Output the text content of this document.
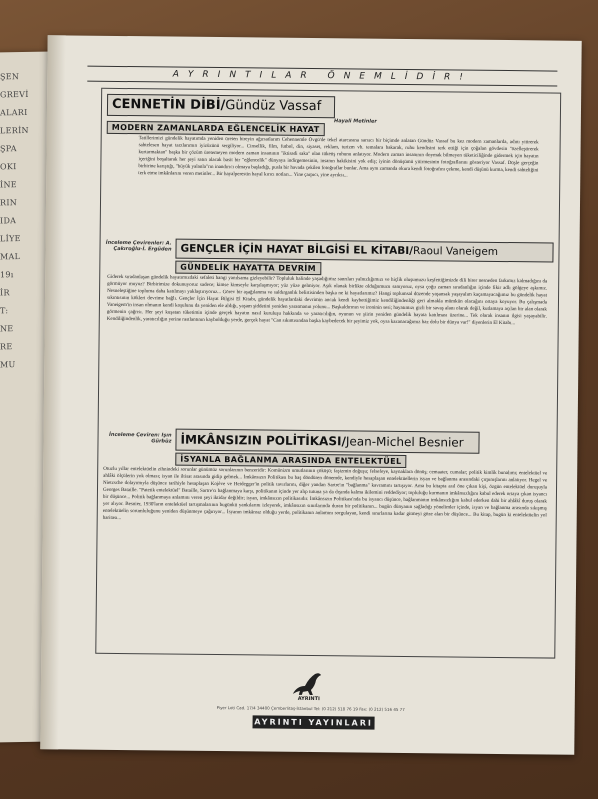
ŞEN
GREVİ
ALARI
LERİN
ŞPA
OKI
İNE
RIN
IDA
LİYE
MAL
19ı
İR
T:
NE
RE
MU
AYRINTILAR ÖNEMLİDİR!
CENNETİN DİBİ/Gündüz Vassaf
Hayali Metinler
MODERN ZAMANLARDA EĞLENCELİK HAYAT
Tatillerimizi gündelik hayatımda yeniden üreten bireyin ağırsatlarım Cehennemle Övgü'de tekel atarcasına sarsıcı bir biçimde anlatan Gündüz Vassaf bu kez modern zamanlarda, adını yitirerek sahtelesen hayat tarzlarımın iyizüzünü sergiliyor... Cinsellik, film, futbol, din, siyaset, reklam, turizm vb. temalara bakarak, ruhu kendisini terk ettiği için çoğalan gövdesin "özelleştirerek kurtarmaktan" başka bir çözüm üretemeyen modern zaman insanının "iktisadi saka" olan tüketiş ruhunu anlatıyor. Modern zaman insanının doymak bilmeyen tüketiciliğinde gidermek için hayatın içeriğini boşaltarak her şeyi satın alacak basit bir "eğlencelik" dünyaya indirgemesinin, insanın hakikisini yok ediş; iyinin dönüşümü yitirmesinin fotoğraflarını gösteriyor Vassaf. Düşle gerçeğin birbirine karıştığı, "büyük yalanla"rın inandırıcı olmaya başladığı, pusla bir havada çekilen fotoğraflar bunlar. Ama aynı zamanda okura kendi fotoğrafını çekme, kendi düşünü kurma, kendi sahteliğini terk etme imkânlarını veren metinler... Bir hayalperestin hayal kırıcı notları... Yine çarpıcı, yine ayrıksı...
İnceleme Çevirenler: A. Çakıroğlu-İ. Ergüden GENÇLER İÇİN HAYAT BİLGİSİ EL KİTABI/Raoul Vaneigem
GÜNDELİK HAYATTA DEVRİM
Giderek sıradanlaşan gündelik hayatımızdaki sefaleti hangi yanılsama gizleyebilir? Topluluk halinde yaşadığımız sanrıları yalnızlığımızı ve hiçlik oluşumuzu keşfettiğimizde dili birer nesneden farkımız kalmadığını da görmüyor muyuz? Birbirimize dokunuyoruz sadece; kimse kimseyle karşılaşmıyor; yüz yüze gelmiyor. Aşık olanak birlikte olduğumuzu sanıyoruz, oysa çoğu zaman sıradanlığın içinde fikir adlı gölgeye aşkımız. Nesneleştiğine topluma daha katılmayı yaklaştırıyoruz... Görev bir aşağılanma ve saldırganlık belirtisinden başka ne ki hayatlarımız? Hangi toplumsal düzende yaşansak yaşayalım kaçamayacağımız bu gündelik hayat sıkıntısının kökleri devrime bağlı. Gençler İçin Hayat Bilgisi El Kitabı, gündelik hayatlardaki devrimin ancak kendi kaybettiğimiz kendiliğindenliği geri almakla mümkün olacağını ortaya koyuyor. Bu çalışmada Vaneigem'in insan olmanın kendi koşulunu da yeniden ele aldığı, yaşam şiddetini yeniden yaratmanın yolunu... Başkaldırının ve ironinin sesi; hayatımızı gizli bir savaş alanı olarak değil, kutlamaya açılan bir alan olarak görmenin çağrısı. Her şeyi kuşatan tüketimin içinde gerçek hayatın nasıl kuruluşu hakkında ve yaratıcılığın, oyunun ve şiirin yeniden gündelik hayata katılması üzerine... Tek olarak insanın ilgisi yaşayabilir. Kendiliğindenlik, yaratıcılığın yerine rastlantının kaybolduğu yerde, gerçek hayat "Can sıkıntısından başka kaybedecek bir şeyimiz yok, oysa kazanacağımız haz dolu bir dünya var!" diyenlerin El Kitabı...
İnceleme Çeviren: Işın Gürbüz İMKÂNSIZIN POLİTİKASI/Jean-Michel Besnier
İSYANLA BAĞLANMA ARASINDA ENTELEKTÜEL
Otuzlu yıllar entelektüelin zihnindeki sorunlar günümüz sorunlarının benzeridir: Komünizm umutlarının çöküşü; faşizmin doğuşu; felsefeye, kaynaklara dönüş; cemaater, cumalar; politik kimlik bunalımı; entelektüel ve ahlâki ölçülerin yok olması; isyan ile iltisat arasında gidip gelmek... İmkânsızın Politikası bu baş döndüren dönemde, kendiyle hesaplaşan entelektüellerin isyan ve bağlanma arasındaki çırpınışlarını anlatıyor. Hegel ve Nietzsche dolayımıyla düşünce tarihiyle hesaplaşan Kojève ve Heidegger'in politik tavırlarını, diğer yandan Sartre'ın "bağlanma" kavramını tartışıyor. Ama bu kitapta asıl öne çıkan kişi, özgün entelektüel duruşuyla Georges Bataille. "Patetik entelektüel" Bataille, Sartre'cı bağlanmaya karşı, politikanın içinde yer alıp tutuna ya da dışında kalma ikilemini reddediyor; topluluğu kurmanın imkânsızlığını kabul ederek ortaya çıkan isyancı bir düşünce... Politik bağlanmaya anlamını veren şeyi iktidar değildir; isyan, imkânsızın politikasıdır. İmkânsızın Politikası'nda bu isyancı düşünce, bağlanmanın imkânsızlığını kabul ederken dahi bir ahlâkî duruş olarak yer alıyor. Besnier, 1930'ların entelektüel tartışmalarının bugünkü yankılarını izleyerek, imkânsızın sınırlarında duran bir politikanın... bugün dünyanın sağladığı yönelimler içinde, isyan ve bağlanma arasında sıkışmış entelektüelin sorumluluğunu yeniden düşünmeye çağırıyor... İsyanın imkânsız olduğu yerde, politikanın anlamını sorgulayan, kendi sınırlarına kadar gitmeyi göze alan bir düşünce... Bu kitap, bugün ki entelektüelin yol haritası...
AYRINTI
Piyer Loti Cad. 17/4 34400 Çemberlitaş-İstanbul Tel: (0 212) 518 76 19 Fax: (0 212) 516 45 77
AYRINTI YAYINLARI
